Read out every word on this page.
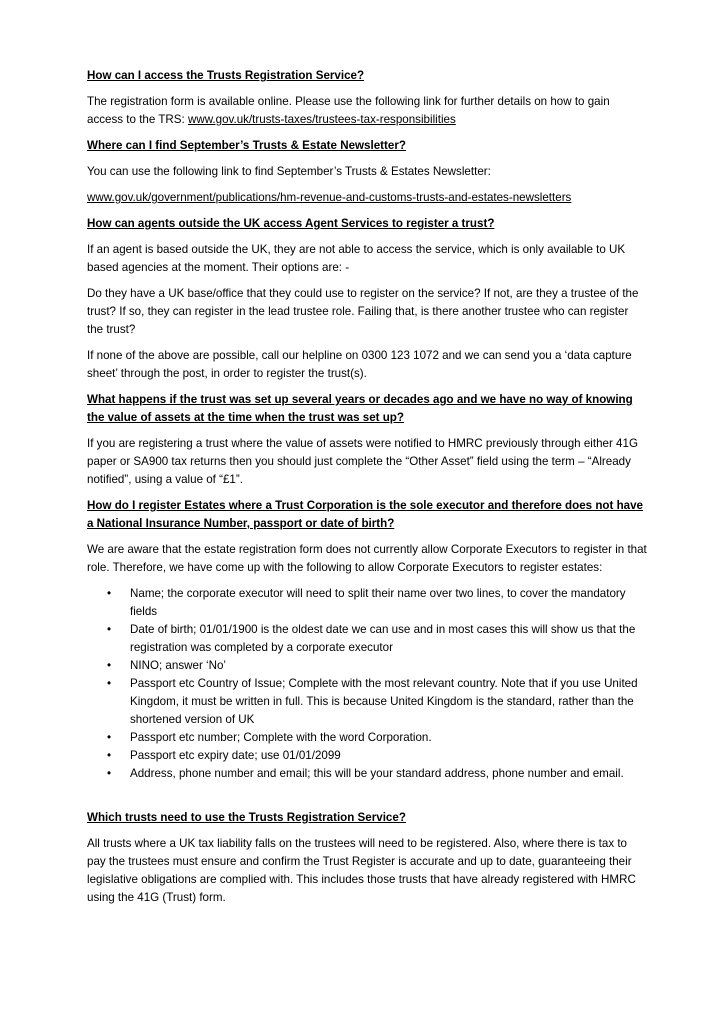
How can I access the Trusts Registration Service?
The registration form is available online. Please use the following link for further details on how to gain access to the TRS: www.gov.uk/trusts-taxes/trustees-tax-responsibilities
Where can I find September’s Trusts & Estate Newsletter?
You can use the following link to find September’s Trusts & Estates Newsletter:
www.gov.uk/government/publications/hm-revenue-and-customs-trusts-and-estates-newsletters
How can agents outside the UK access Agent Services to register a trust?
If an agent is based outside the UK, they are not able to access the service, which is only available to UK based agencies at the moment. Their options are: -
Do they have a UK base/office that they could use to register on the service? If not, are they a trustee of the trust? If so, they can register in the lead trustee role. Failing that, is there another trustee who can register the trust?
If none of the above are possible, call our helpline on 0300 123 1072 and we can send you a ‘data capture sheet’ through the post, in order to register the trust(s).
What happens if the trust was set up several years or decades ago and we have no way of knowing the value of assets at the time when the trust was set up?
If you are registering a trust where the value of assets were notified to HMRC previously through either 41G paper or SA900 tax returns then you should just complete the “Other Asset” field using the term – “Already notified”, using a value of “£1”.
How do I register Estates where a Trust Corporation is the sole executor and therefore does not have a National Insurance Number, passport or date of birth?
We are aware that the estate registration form does not currently allow Corporate Executors to register in that role. Therefore, we have come up with the following to allow Corporate Executors to register estates:
• Name; the corporate executor will need to split their name over two lines, to cover the mandatory fields
• Date of birth; 01/01/1900 is the oldest date we can use and in most cases this will show us that the registration was completed by a corporate executor
• NINO; answer ‘No’
• Passport etc Country of Issue; Complete with the most relevant country. Note that if you use United Kingdom, it must be written in full. This is because United Kingdom is the standard, rather than the shortened version of UK
• Passport etc number; Complete with the word Corporation.
• Passport etc expiry date; use 01/01/2099
• Address, phone number and email; this will be your standard address, phone number and email.
Which trusts need to use the Trusts Registration Service?
All trusts where a UK tax liability falls on the trustees will need to be registered. Also, where there is tax to pay the trustees must ensure and confirm the Trust Register is accurate and up to date, guaranteeing their legislative obligations are complied with. This includes those trusts that have already registered with HMRC using the 41G (Trust) form.
